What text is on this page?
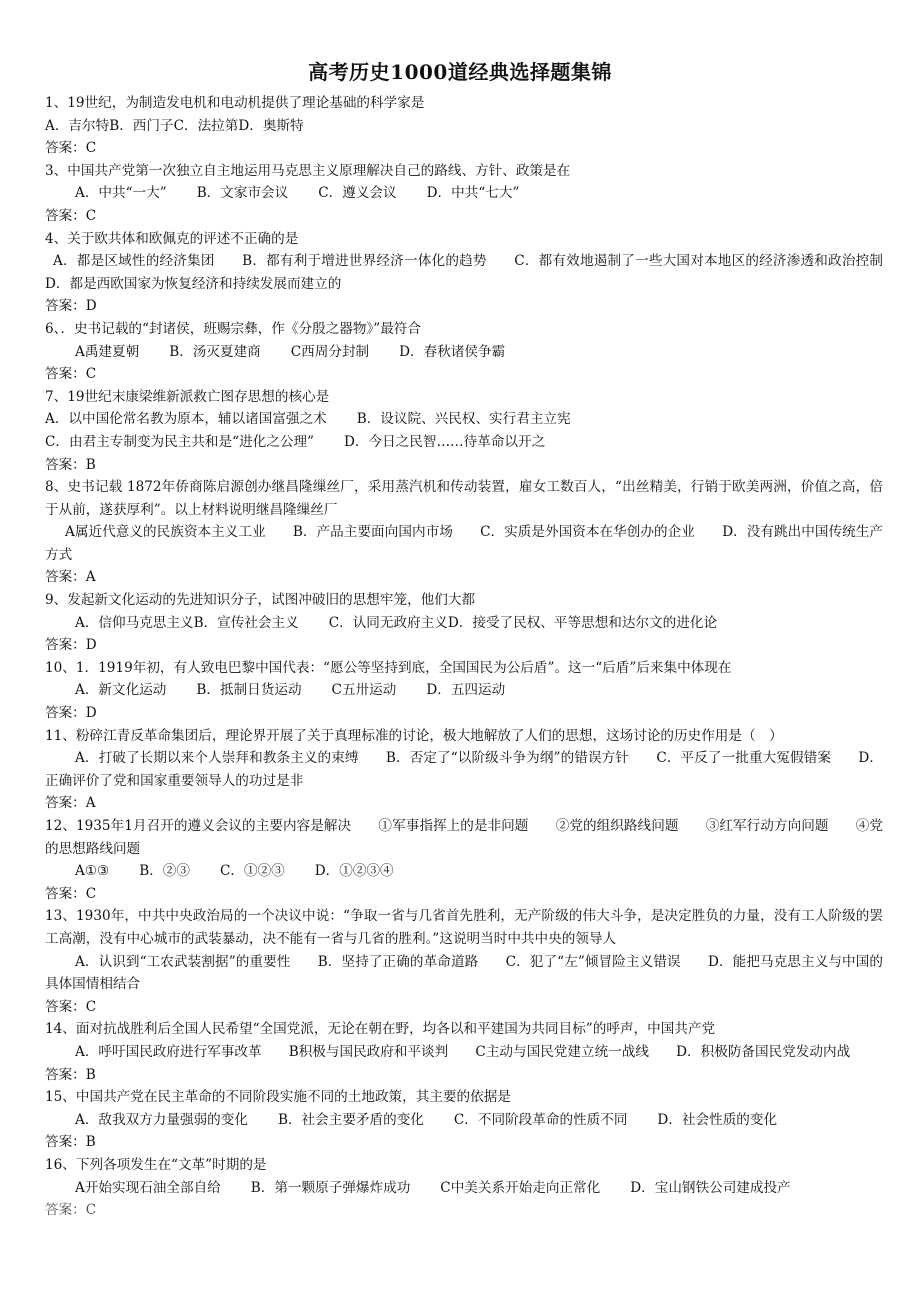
高考历史1000道经典选择题集锦
1、19世纪，为制造发电机和电动机提供了理论基础的科学家是
A．吉尔特B．西门子C．法拉第D．奥斯特
答案：C
3、中国共产党第一次独立自主地运用马克思主义原理解决自己的路线、方针、政策是在
A．中共“一大” B．文家市会议 C．遵义会议 D．中共“七大”
答案：C
4、关于欧共体和欧佩克的评述不正确的是
A．都是区域性的经济集团　　B．都有利于增进世界经济一体化的趋势　　C．都有效地遏制了一些大国对本地区的经济渗透和政治控制　　D．都是西欧国家为恢复经济和持续发展而建立的
答案：D
6、．史书记载的“封诸侯，班赐宗彝，作《分殷之器物》”最符合
A禹建夏朝 B．汤灭夏建商 C西周分封制 D．春秋诸侯争霸
答案：C
7、19世纪末康梁维新派救亡图存思想的核心是
A．以中国伦常名教为原本，辅以诸国富强之术 B．设议院、兴民权、实行君主立宪
C．由君主专制变为民主共和是“进化之公理” D．今日之民智……待革命以开之
答案：B
8、史书记载 1872年侨商陈启源创办继昌隆缫丝厂，采用蒸汽机和传动装置，雇女工数百人，“出丝精美，行销于欧美两洲，价值之高，倍于从前，遂获厚利”。以上材料说明继昌隆缫丝厂
A属近代意义的民族资本主义工业　　B．产品主要面向国内市场　　C．实质是外国资本在华创办的企业　　D．没有跳出中国传统生产方式
答案：A
9、发起新文化运动的先进知识分子，试图冲破旧的思想牢笼，他们大都
A．信仰马克思主义B．宣传社会主义 C．认同无政府主义D．接受了民权、平等思想和达尔文的进化论
答案：D
10、1．1919年初，有人致电巴黎中国代表：“愿公等坚持到底，全国国民为公后盾”。这一“后盾”后来集中体现在
A．新文化运动 B．抵制日货运动 C五卅运动 D．五四运动
答案：D
11、粉碎江青反革命集团后，理论界开展了关于真理标准的讨论，极大地解放了人们的思想，这场讨论的历史作用是（　）
A．打破了长期以来个人崇拜和教条主义的束缚　　B．否定了“以阶级斗争为纲”的错误方针　　C．平反了一批重大冤假错案　　D．正确评价了党和国家重要领导人的功过是非
答案：A
12、1935年1月召开的遵义会议的主要内容是解决　　①军事指挥上的是非问题　　②党的组织路线问题　　③红军行动方向问题　　④党的思想路线问题
A①③ B．②③ C．①②③ D．①②③④
答案：C
13、1930年，中共中央政治局的一个决议中说：“争取一省与几省首先胜利，无产阶级的伟大斗争，是决定胜负的力量，没有工人阶级的罢工高潮，没有中心城市的武装暴动，决不能有一省与几省的胜利。”这说明当时中共中央的领导人
A．认识到“工农武装割据”的重要性　　B．坚持了正确的革命道路　　C．犯了“左”倾冒险主义错误　　D．能把马克思主义与中国的具体国情相结合
答案：C
14、面对抗战胜利后全国人民希望“全国党派，无论在朝在野，均各以和平建国为共同目标”的呼声，中国共产党
A．呼吁国民政府进行军事改革　　B积极与国民政府和平谈判　　C主动与国民党建立统一战线　　D．积极防备国民党发动内战
答案：B
15、中国共产党在民主革命的不同阶段实施不同的土地政策，其主要的依据是
A．敌我双方力量强弱的变化 B．社会主要矛盾的变化 C．不同阶段革命的性质不同 D．社会性质的变化
答案：B
16、下列各项发生在“文革”时期的是
A开始实现石油全部自给 B．第一颗原子弹爆炸成功 C中美关系开始走向正常化 D．宝山钢铁公司建成投产
答案：C
